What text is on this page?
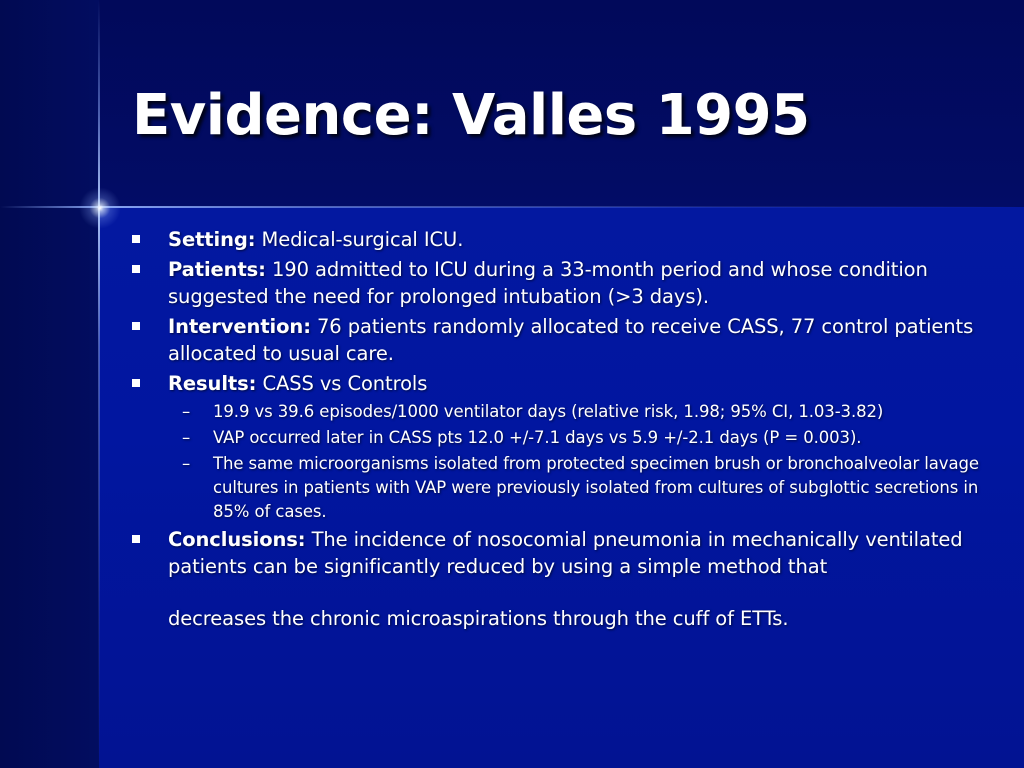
Evidence: Valles 1995
Setting: Medical-surgical ICU.
Patients: 190 admitted to ICU during a 33-month period and whose condition suggested the need for prolonged intubation (>3 days).
Intervention: 76 patients randomly allocated to receive CASS, 77 control patients allocated to usual care.
Results: CASS vs Controls
– 19.9 vs 39.6 episodes/1000 ventilator days (relative risk, 1.98; 95% CI, 1.03-3.82)
– VAP occurred later in CASS pts 12.0 +/-7.1 days vs 5.9 +/-2.1 days (P = 0.003).
– The same microorganisms isolated from protected specimen brush or bronchoalveolar lavage cultures in patients with VAP were previously isolated from cultures of subglottic secretions in 85% of cases.
Conclusions: The incidence of nosocomial pneumonia in mechanically ventilated patients can be significantly reduced by using a simple method that
decreases the chronic microaspirations through the cuff of ETTs.
